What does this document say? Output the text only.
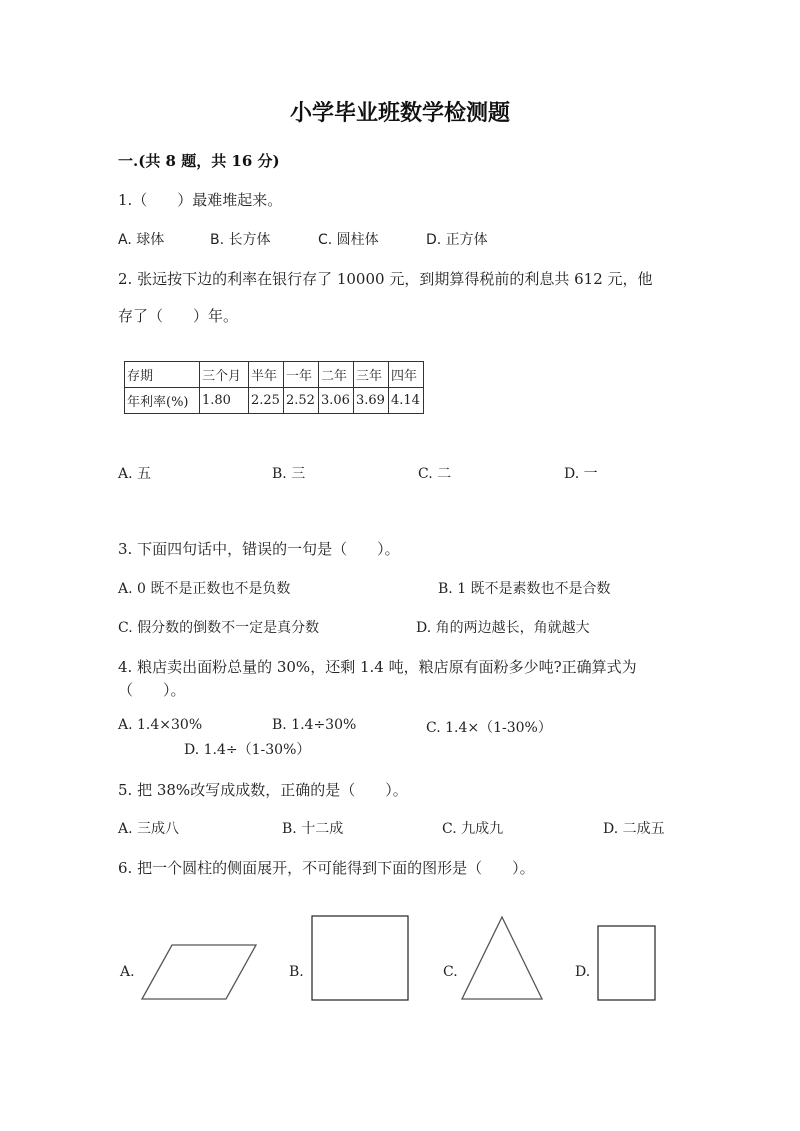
小学毕业班数学检测题
一.(共 8 题，共 16 分)
1.（　　）最难堆起来。
A. 球体	B. 长方体	C. 圆柱体	D. 正方体
2. 张远按下边的利率在银行存了 10000 元，到期算得税前的利息共 612 元，他
存了（　　）年。
存期	三个月	半年	一年	二年	三年	四年
年利率(%)	1.80	2.25	2.52	3.06	3.69	4.14
A. 五	B. 三	C. 二	D. 一
3. 下面四句话中，错误的一句是（　　）。
A. 0 既不是正数也不是负数	B. 1 既不是素数也不是合数
C. 假分数的倒数不一定是真分数	D. 角的两边越长，角就越大
4. 粮店卖出面粉总量的 30%，还剩 1.4 吨，粮店原有面粉多少吨?正确算式为
（　　）。
A. 1.4×30%	B. 1.4÷30%	C. 1.4×（1-30%）
D. 1.4÷（1-30%）
5. 把 38%改写成成数，正确的是（　　）。
A. 三成八	B. 十二成	C. 九成九	D. 二成五
6. 把一个圆柱的侧面展开，不可能得到下面的图形是（　　）。
A.	B.	C.	D.
